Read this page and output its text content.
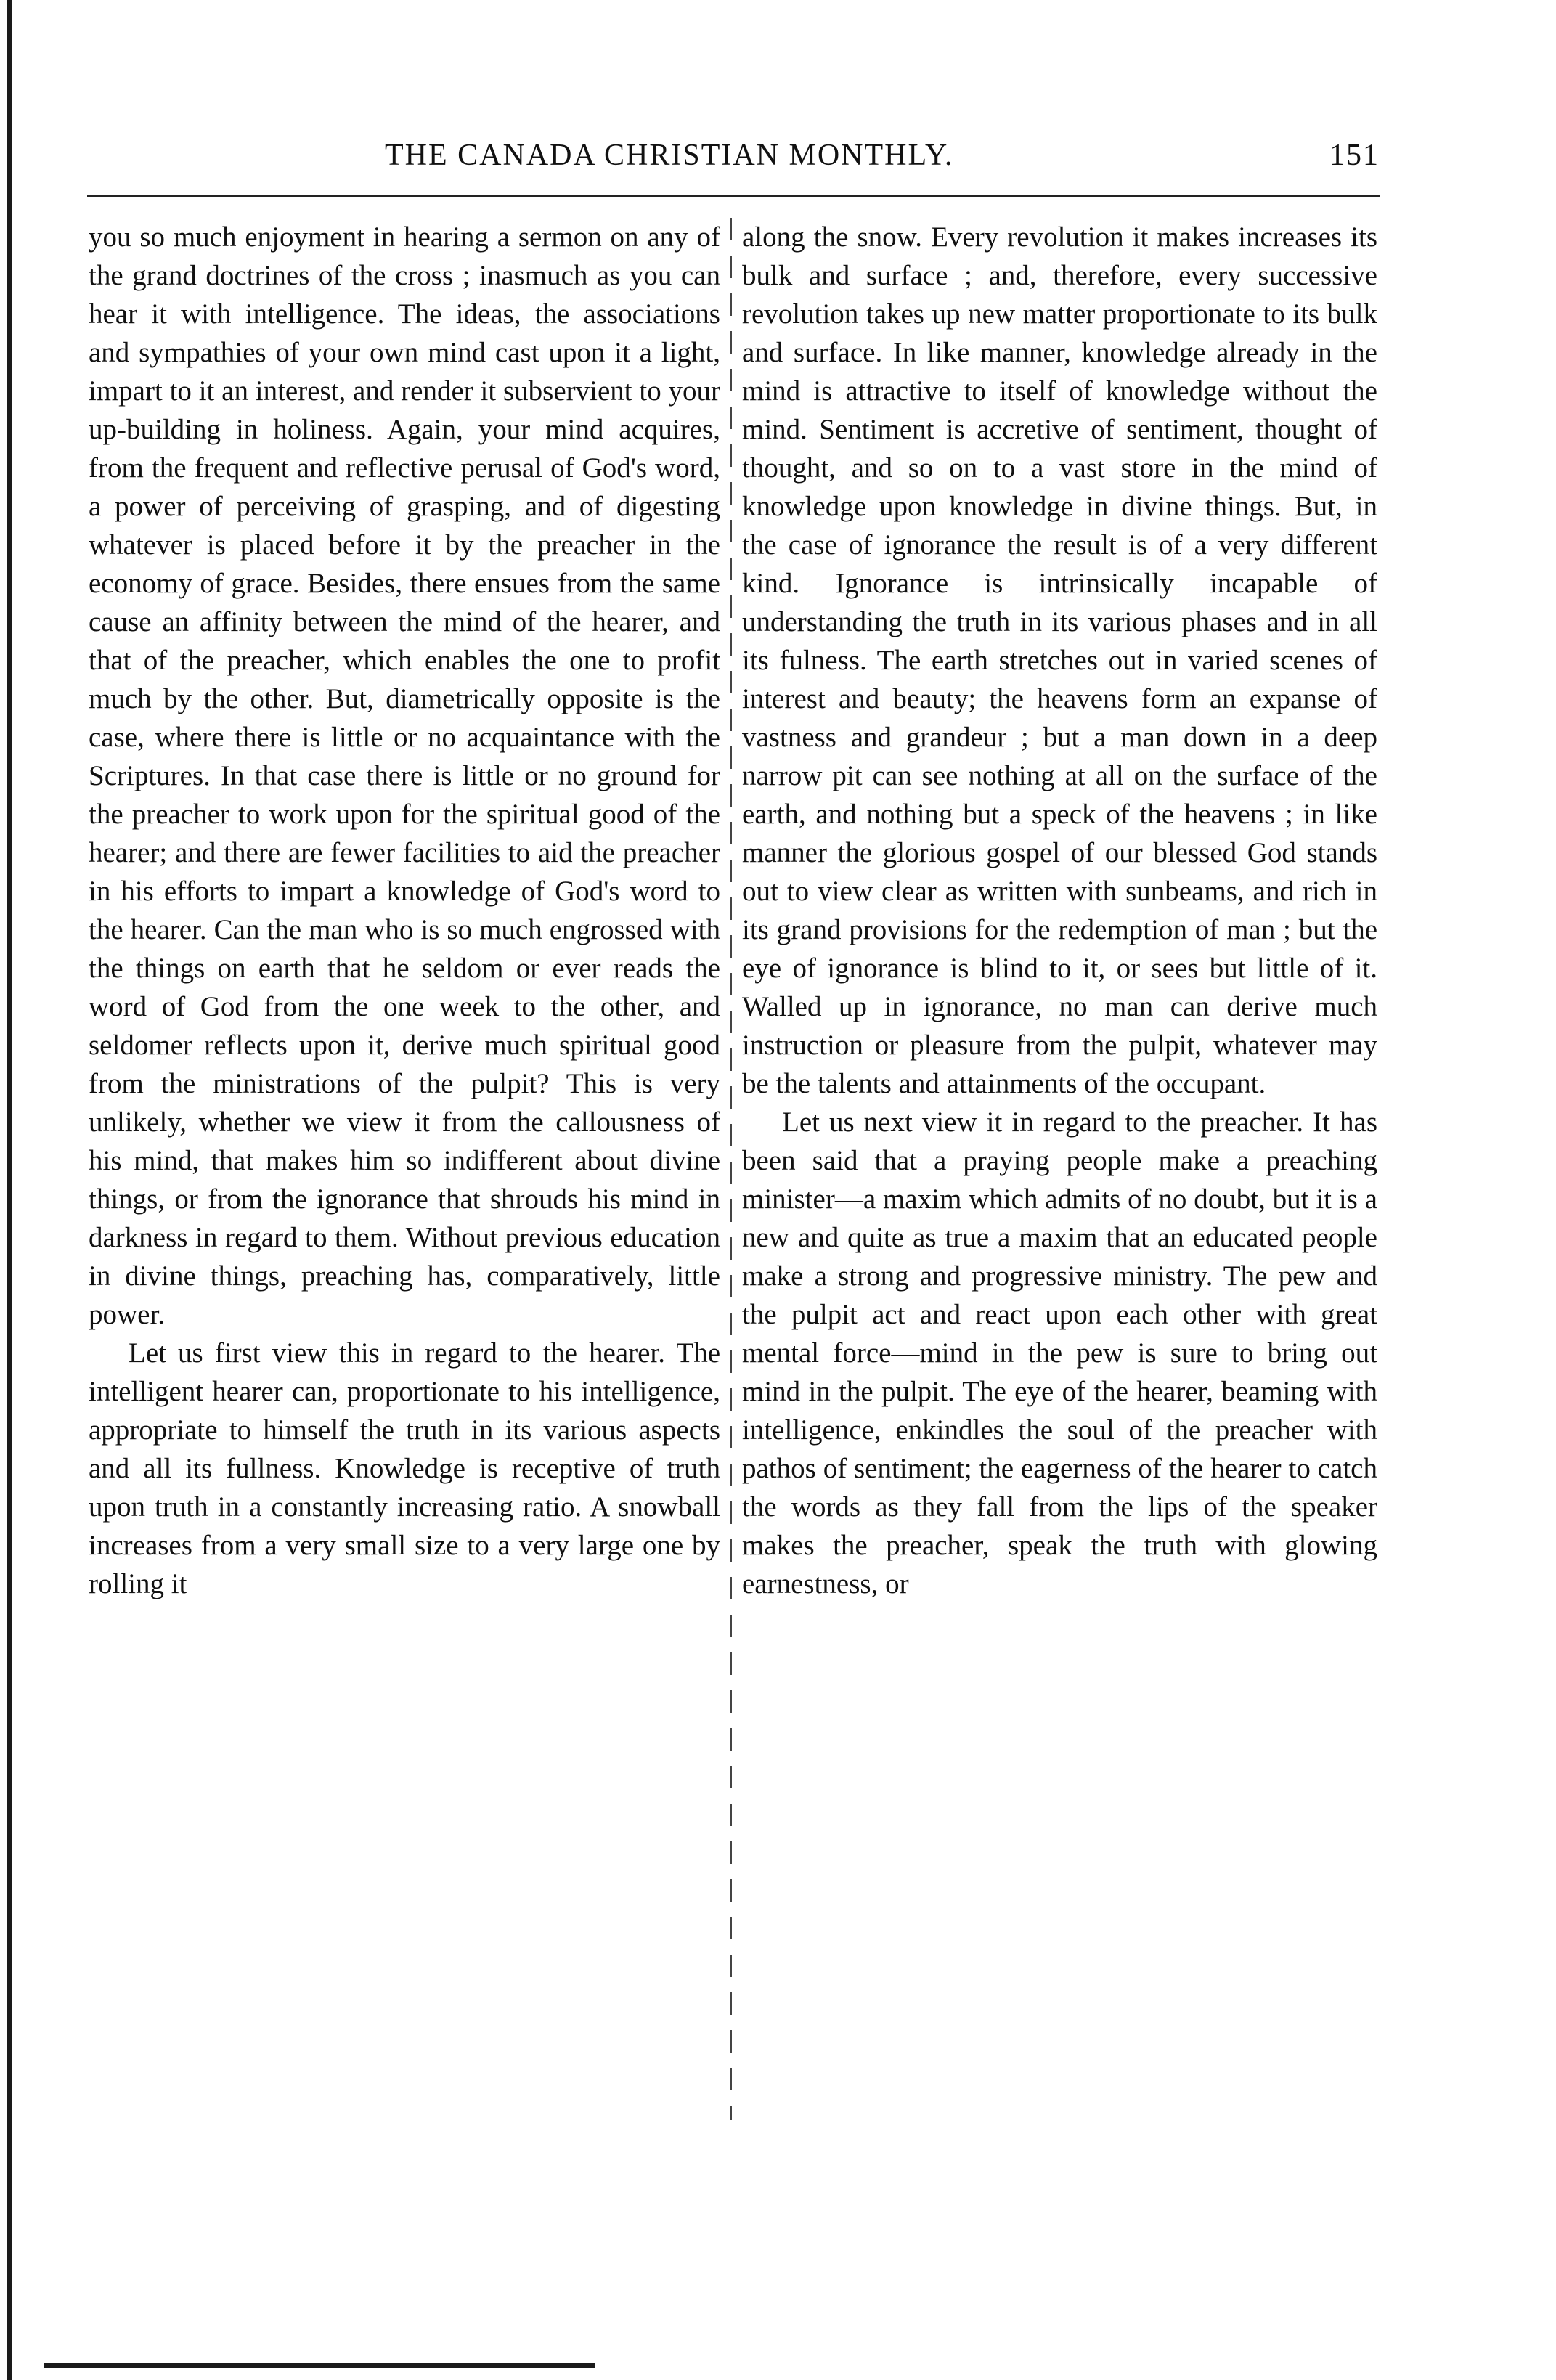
THE CANADA CHRISTIAN MONTHLY.	151

you so much enjoyment in hearing a sermon on any of the grand doctrines of the cross ; inasmuch as you can hear it with intelligence. The ideas, the associations and sympathies of your own mind cast upon it a light, impart to it an interest, and render it subservient to your up-building in holiness. Again, your mind acquires, from the frequent and reflective perusal of God's word, a power of perceiving of grasping, and of digesting whatever is placed before it by the preacher in the economy of grace. Besides, there ensues from the same cause an affinity between the mind of the hearer, and that of the preacher, which enables the one to profit much by the other. But, diametrically opposite is the case, where there is little or no acquaintance with the Scriptures. In that case there is little or no ground for the preacher to work upon for the spiritual good of the hearer; and there are fewer facilities to aid the preacher in his efforts to impart a knowledge of God's word to the hearer. Can the man who is so much engrossed with the things on earth that he seldom or ever reads the word of God from the one week to the other, and seldomer reflects upon it, derive much spiritual good from the ministrations of the pulpit? This is very unlikely, whether we view it from the callousness of his mind, that makes him so indifferent about divine things, or from the ignorance that shrouds his mind in darkness in regard to them. Without previous education in divine things, preaching has, comparatively, little power.

Let us first view this in regard to the hearer. The intelligent hearer can, proportionate to his intelligence, appropriate to himself the truth in its various aspects and all its fullness. Knowledge is receptive of truth upon truth in a constantly increasing ratio. A snowball increases from a very small size to a very large one by rolling it

along the snow. Every revolution it makes increases its bulk and surface ; and, therefore, every successive revolution takes up new matter proportionate to its bulk and surface. In like manner, knowledge already in the mind is attractive to itself of knowledge without the mind. Sentiment is accretive of sentiment, thought of thought, and so on to a vast store in the mind of knowledge upon knowledge in divine things. But, in the case of ignorance the result is of a very different kind. Ignorance is intrinsically incapable of understanding the truth in its various phases and in all its fulness. The earth stretches out in varied scenes of interest and beauty; the heavens form an expanse of vastness and grandeur ; but a man down in a deep narrow pit can see nothing at all on the surface of the earth, and nothing but a speck of the heavens ; in like manner the glorious gospel of our blessed God stands out to view clear as written with sunbeams, and rich in its grand provisions for the redemption of man ; but the eye of ignorance is blind to it, or sees but little of it. Walled up in ignorance, no man can derive much instruction or pleasure from the pulpit, whatever may be the talents and attainments of the occupant.

Let us next view it in regard to the preacher. It has been said that a praying people make a preaching minister—a maxim which admits of no doubt, but it is a new and quite as true a maxim that an educated people make a strong and progressive ministry. The pew and the pulpit act and react upon each other with great mental force—mind in the pew is sure to bring out mind in the pulpit. The eye of the hearer, beaming with intelligence, enkindles the soul of the preacher with pathos of sentiment; the eagerness of the hearer to catch the words as they fall from the lips of the speaker makes the preacher, speak the truth with glowing earnestness, or
